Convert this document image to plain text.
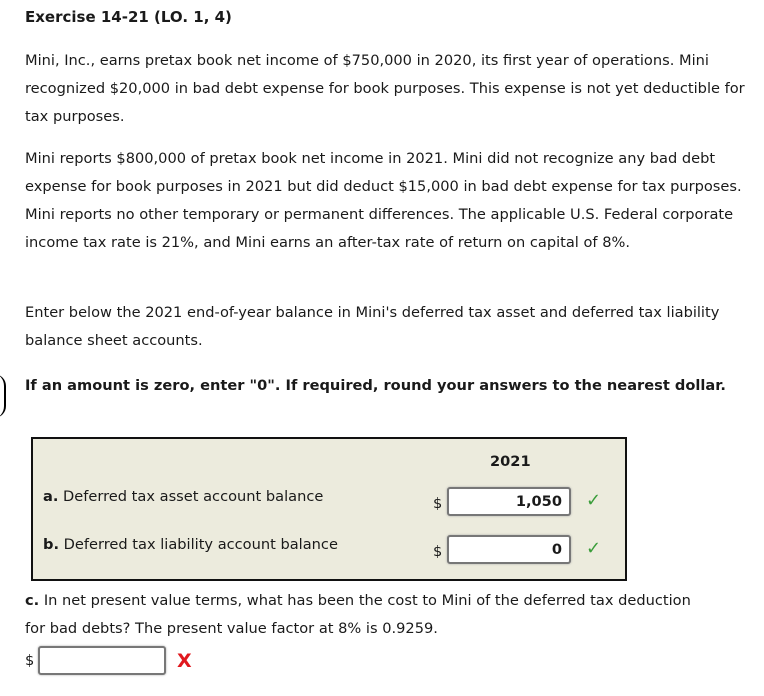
Exercise 14-21 (LO. 1, 4)

Mini, Inc., earns pretax book net income of $750,000 in 2020, its first year of operations. Mini recognized $20,000 in bad debt expense for book purposes. This expense is not yet deductible for tax purposes.

Mini reports $800,000 of pretax book net income in 2021. Mini did not recognize any bad debt expense for book purposes in 2021 but did deduct $15,000 in bad debt expense for tax purposes. Mini reports no other temporary or permanent differences. The applicable U.S. Federal corporate income tax rate is 21%, and Mini earns an after-tax rate of return on capital of 8%.

Enter below the 2021 end-of-year balance in Mini's deferred tax asset and deferred tax liability balance sheet accounts.

If an amount is zero, enter "0". If required, round your answers to the nearest dollar.

2021
a. Deferred tax asset account balance	$	1,050	✓
b. Deferred tax liability account balance	$	0	✓

c. In net present value terms, what has been the cost to Mini of the deferred tax deduction for bad debts? The present value factor at 8% is 0.9259.

$	X
